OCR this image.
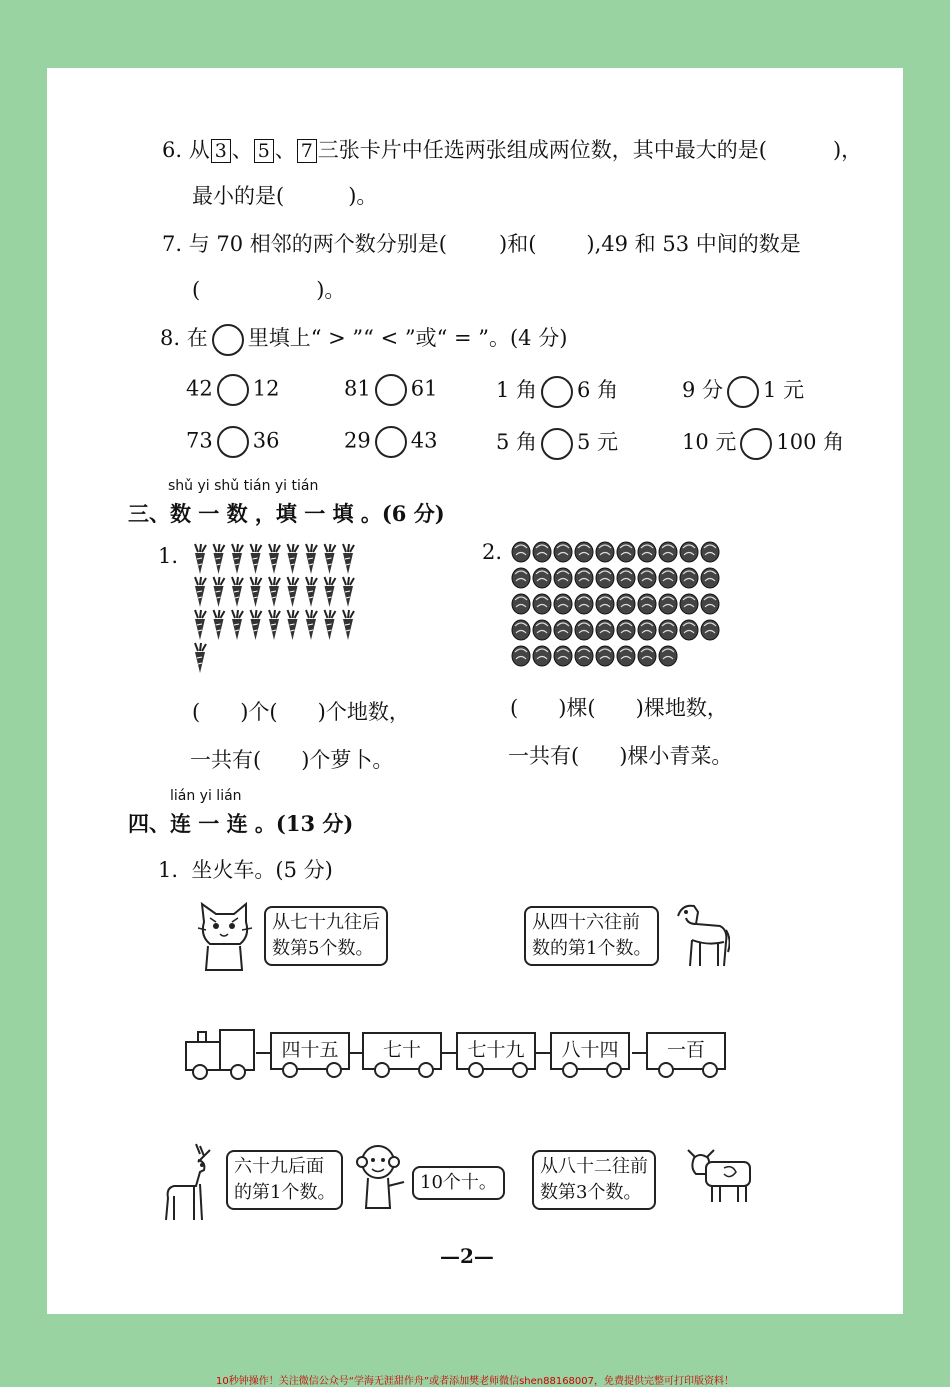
6. 从 3 、 5 、 7 三张卡片中任选两张组成两位数，其中最大的是(	)，
最小的是(	)。
7. 与 70 相邻的两个数分别是( )和( ),49 和 53 中间的数是
(	)。
8. 在 里填上“ > ”“ < ”或“ = ”。(4 分)
42 12	81 61	1 角 6 角	9 分 1 元
73 36	29 43	5 角 5 元	10 元 100 角
shǔ yi shǔ tián yi tián
三、数 一 数 ，填 一 填 。(6 分)
1.	2.
(      )个(      )个地数，
一共有(      )个萝卜。
(      )棵(      )棵地数，
一共有(      )棵小青菜。
lián yi lián
四、连 一 连 。(13 分)
1.  坐火车。(5 分)
从七十九往后
数第5个数。
从四十六往前
数的第1个数。
四十五	七十	七十九	八十四	一百
六十九后面
的第1个数。	10个十。
从八十二往前
数第3个数。
—2—
10秒钟操作！关注微信公众号“学海无涯甜作舟”或者添加樊老师微信shen88168007，免费提供完整可打印版资料！
